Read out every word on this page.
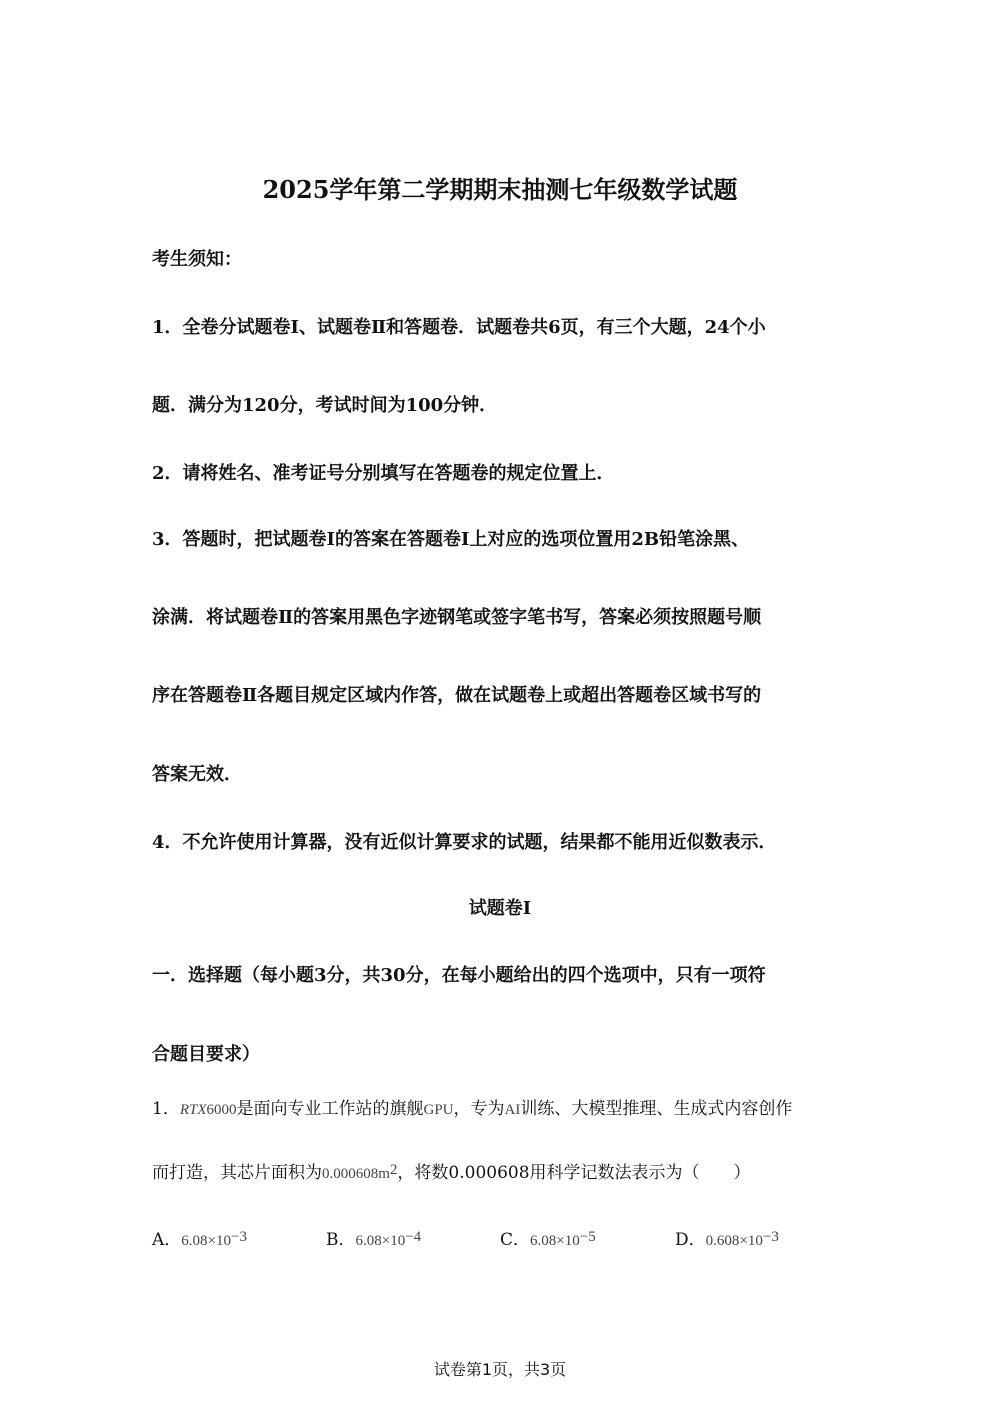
2025学年第二学期期末抽测七年级数学试题
考生须知：
1．全卷分试题卷Ⅰ、试题卷Ⅱ和答题卷．试题卷共6页，有三个大题，24个小
题．满分为120分，考试时间为100分钟．
2．请将姓名、准考证号分别填写在答题卷的规定位置上．
3．答题时，把试题卷Ⅰ的答案在答题卷Ⅰ上对应的选项位置用2B铅笔涂黑、
涂满．将试题卷Ⅱ的答案用黑色字迹钢笔或签字笔书写，答案必须按照题号顺
序在答题卷Ⅱ各题目规定区域内作答，做在试题卷上或超出答题卷区域书写的
答案无效．
4．不允许使用计算器，没有近似计算要求的试题，结果都不能用近似数表示．
试题卷Ⅰ
一．选择题（每小题3分，共30分，在每小题给出的四个选项中，只有一项符
合题目要求）
1．RTX6000是面向专业工作站的旗舰GPU，专为AI训练、大模型推理、生成式内容创作
而打造，其芯片面积为$0.000608m^2$，将数0.000608用科学记数法表示为（　　）
A．$6.08\times 10^{-3}$	B．$6.08\times 10^{-4}$	C．$6.08\times 10^{-5}$	D．$0.608\times 10^{-3}$
试卷第1页，共3页
